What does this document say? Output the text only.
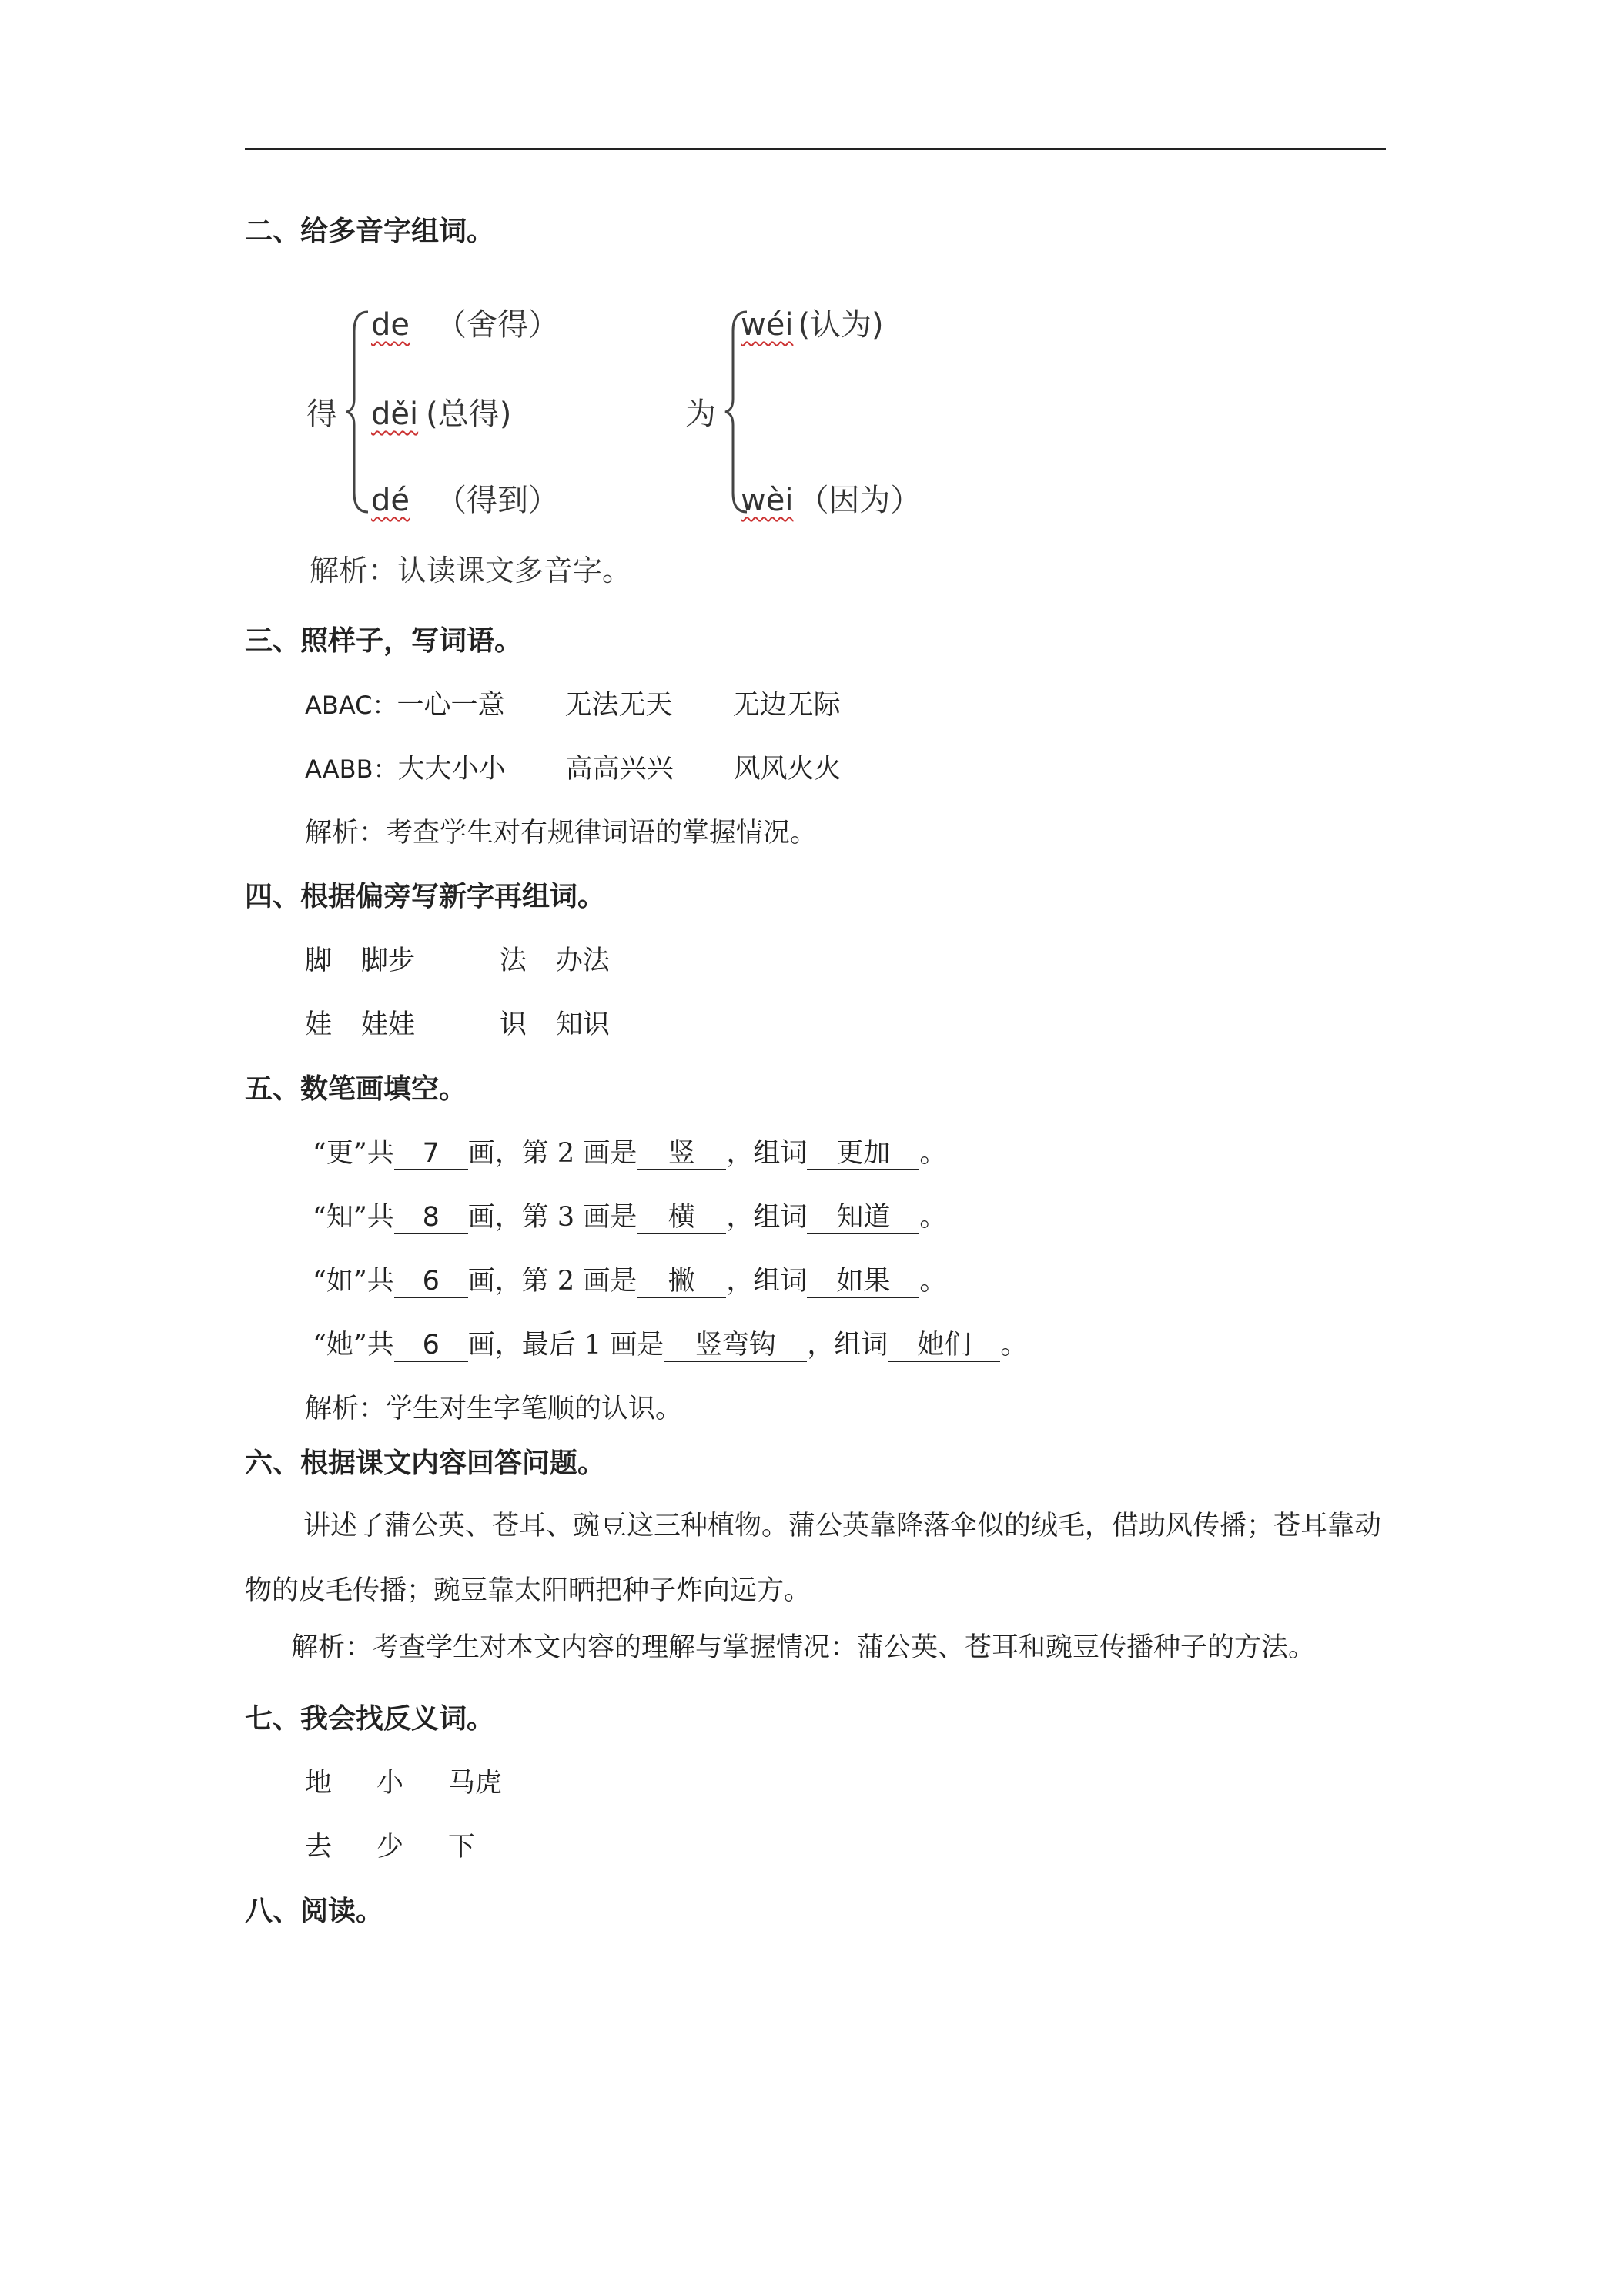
二、给多音字组词。
得
de （舍得）
děi (总得)
dé （得到）
为
wéi (认为)
wèi （因为）
解析：认读课文多音字。
三、照样子，写词语。
ABAC：一心一意 无法无天 无边无际
AABB：大大小小 高高兴兴 风风火火
解析：考查学生对有规律词语的掌握情况。
四、根据偏旁写新字再组词。
脚 脚步	法 办法
娃 娃娃	识 知识
五、数笔画填空。
“更”共 7 画，第 2 画是 竖 ，组词 更加 。
“知”共 8 画，第 3 画是 横 ，组词 知道 。
“如”共 6 画，第 2 画是 撇 ，组词 如果 。
“她”共 6 画，最后 1 画是 竖弯钩 ，组词 她们 。
解析：学生对生字笔顺的认识。
六、根据课文内容回答问题。
讲述了蒲公英、苍耳、豌豆这三种植物。蒲公英靠降落伞似的绒毛，借助风传播；苍耳靠动物的皮毛传播；豌豆靠太阳晒把种子炸向远方。
解析：考查学生对本文内容的理解与掌握情况：蒲公英、苍耳和豌豆传播种子的方法。
七、我会找反义词。
地 小 马虎
去 少 下
八、阅读。
